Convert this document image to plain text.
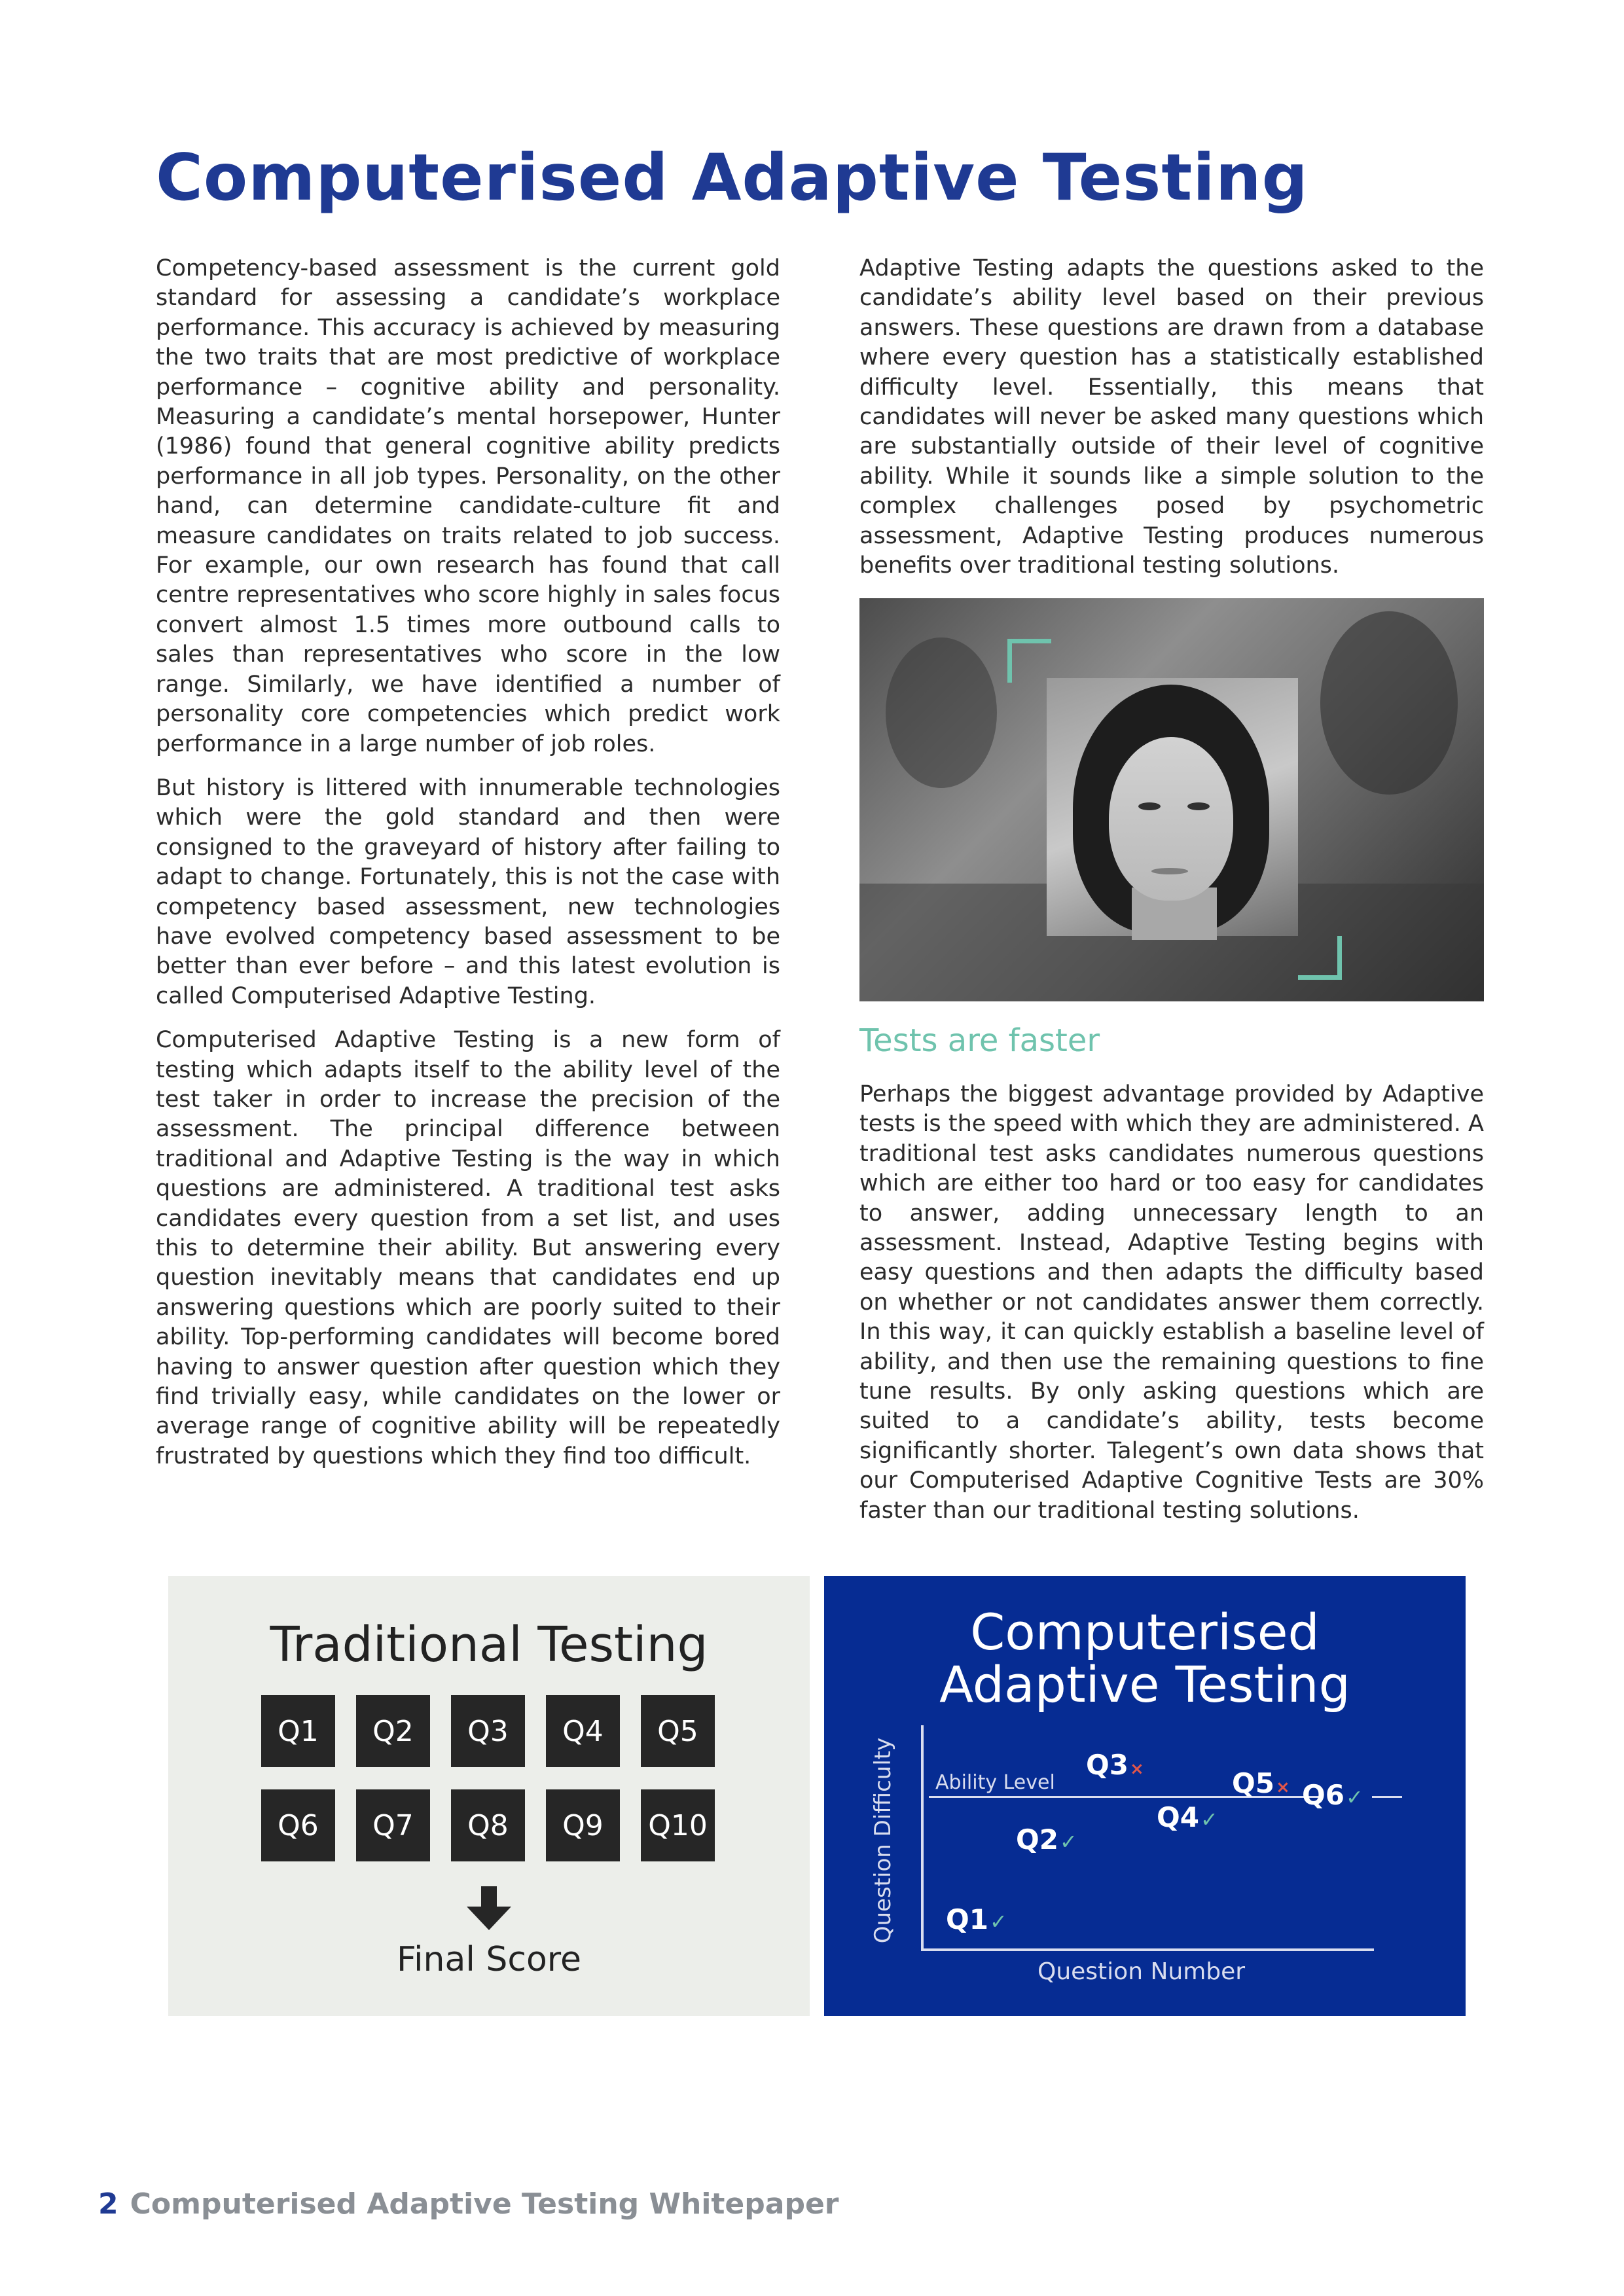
Computerised Adaptive Testing

Competency-based assessment is the current gold standard for assessing a candidate’s workplace performance. This accuracy is achieved by measuring the two traits that are most predictive of workplace performance – cognitive ability and personality. Measuring a candidate’s mental horsepower, Hunter (1986) found that general cognitive ability predicts performance in all job types. Personality, on the other hand, can determine candidate-culture fit and measure candidates on traits related to job success. For example, our own research has found that call centre representatives who score highly in sales focus convert almost 1.5 times more outbound calls to sales than representatives who score in the low range. Similarly, we have identified a number of personality core competencies which predict work performance in a large number of job roles.

But history is littered with innumerable technologies which were the gold standard and then were consigned to the graveyard of history after failing to adapt to change. Fortunately, this is not the case with competency based assessment, new technologies have evolved competency based assessment to be better than ever before – and this latest evolution is called Computerised Adaptive Testing.

Computerised Adaptive Testing is a new form of testing which adapts itself to the ability level of the test taker in order to increase the precision of the assessment. The principal difference between traditional and Adaptive Testing is the way in which questions are administered. A traditional test asks candidates every question from a set list, and uses this to determine their ability. But answering every question inevitably means that candidates end up answering questions which are poorly suited to their ability. Top-performing candidates will become bored having to answer question after question which they find trivially easy, while candidates on the lower or average range of cognitive ability will be repeatedly frustrated by questions which they find too difficult.

Adaptive Testing adapts the questions asked to the candidate’s ability level based on their previous answers. These questions are drawn from a database where every question has a statistically established difficulty level. Essentially, this means that candidates will never be asked many questions which are substantially outside of their level of cognitive ability. While it sounds like a simple solution to the complex challenges posed by psychometric assessment, Adaptive Testing produces numerous benefits over traditional testing solutions.

Tests are faster

Perhaps the biggest advantage provided by Adaptive tests is the speed with which they are administered. A traditional test asks candidates numerous questions which are either too hard or too easy for candidates to answer, adding unnecessary length to an assessment. Instead, Adaptive Testing begins with easy questions and then adapts the difficulty based on whether or not candidates answer them correctly. In this way, it can quickly establish a baseline level of ability, and then use the remaining questions to fine tune results. By only asking questions which are suited to a candidate’s ability, tests become significantly shorter. Talegent’s own data shows that our Computerised Adaptive Cognitive Tests are 30% faster than our traditional testing solutions.

Traditional Testing
Q1	Q2	Q3	Q4	Q5
Q6	Q7	Q8	Q9	Q10
Final Score
Computerised
Adaptive Testing
Ability Level
Question Difficulty
Question Number
Q1✓
Q2✓
Q3×
Q4✓
Q5× Q6✓
2 Computerised Adaptive Testing Whitepaper
